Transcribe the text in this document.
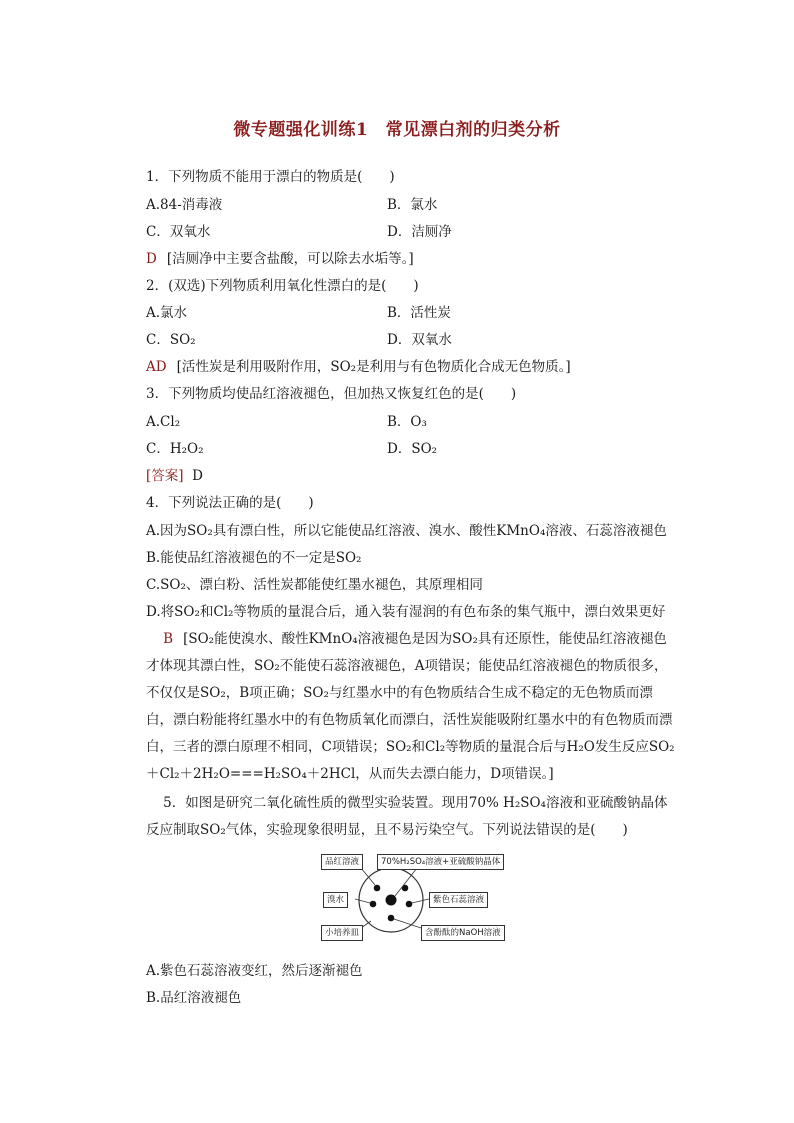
微专题强化训练1　常见漂白剂的归类分析
1．下列物质不能用于漂白的物质是(　　)
A.84-消毒液	B．氯水
C．双氧水	D．洁厕净
D [洁厕净中主要含盐酸，可以除去水垢等。]
2．(双选)下列物质利用氧化性漂白的是(　　)
A.氯水	B．活性炭
C．SO₂	D．双氧水
AD [活性炭是利用吸附作用，SO₂是利用与有色物质化合成无色物质。]
3．下列物质均使品红溶液褪色，但加热又恢复红色的是(　　)
A.Cl₂	B．O₃
C．H₂O₂	D．SO₂
[答案] D
4．下列说法正确的是(　　)
A.因为SO₂具有漂白性，所以它能使品红溶液、溴水、酸性KMnO₄溶液、石蕊溶液褪色
B.能使品红溶液褪色的不一定是SO₂
C.SO₂、漂白粉、活性炭都能使红墨水褪色，其原理相同
D.将SO₂和Cl₂等物质的量混合后，通入装有湿润的有色布条的集气瓶中，漂白效果更好
B [SO₂能使溴水、酸性KMnO₄溶液褪色是因为SO₂具有还原性，能使品红溶液褪色才体现其漂白性，SO₂不能使石蕊溶液褪色，A项错误；能使品红溶液褪色的物质很多，不仅仅是SO₂，B项正确；SO₂与红墨水中的有色物质结合生成不稳定的无色物质而漂白，漂白粉能将红墨水中的有色物质氧化而漂白，活性炭能吸附红墨水中的有色物质而漂白，三者的漂白原理不相同，C项错误；SO₂和Cl₂等物质的量混合后与H₂O发生反应SO₂＋Cl₂＋2H₂O===H₂SO₄＋2HCl，从而失去漂白能力，D项错误。]
5．如图是研究二氧化硫性质的微型实验装置。现用70% H₂SO₄溶液和亚硫酸钠晶体反应制取SO₂气体，实验现象很明显，且不易污染空气。下列说法错误的是(　　)
品红溶液	70%H₂SO₄溶液+亚硫酸钠晶体
溴水	紫色石蕊溶液
小培养皿	含酚酞的NaOH溶液
A.紫色石蕊溶液变红，然后逐渐褪色
B.品红溶液褪色
